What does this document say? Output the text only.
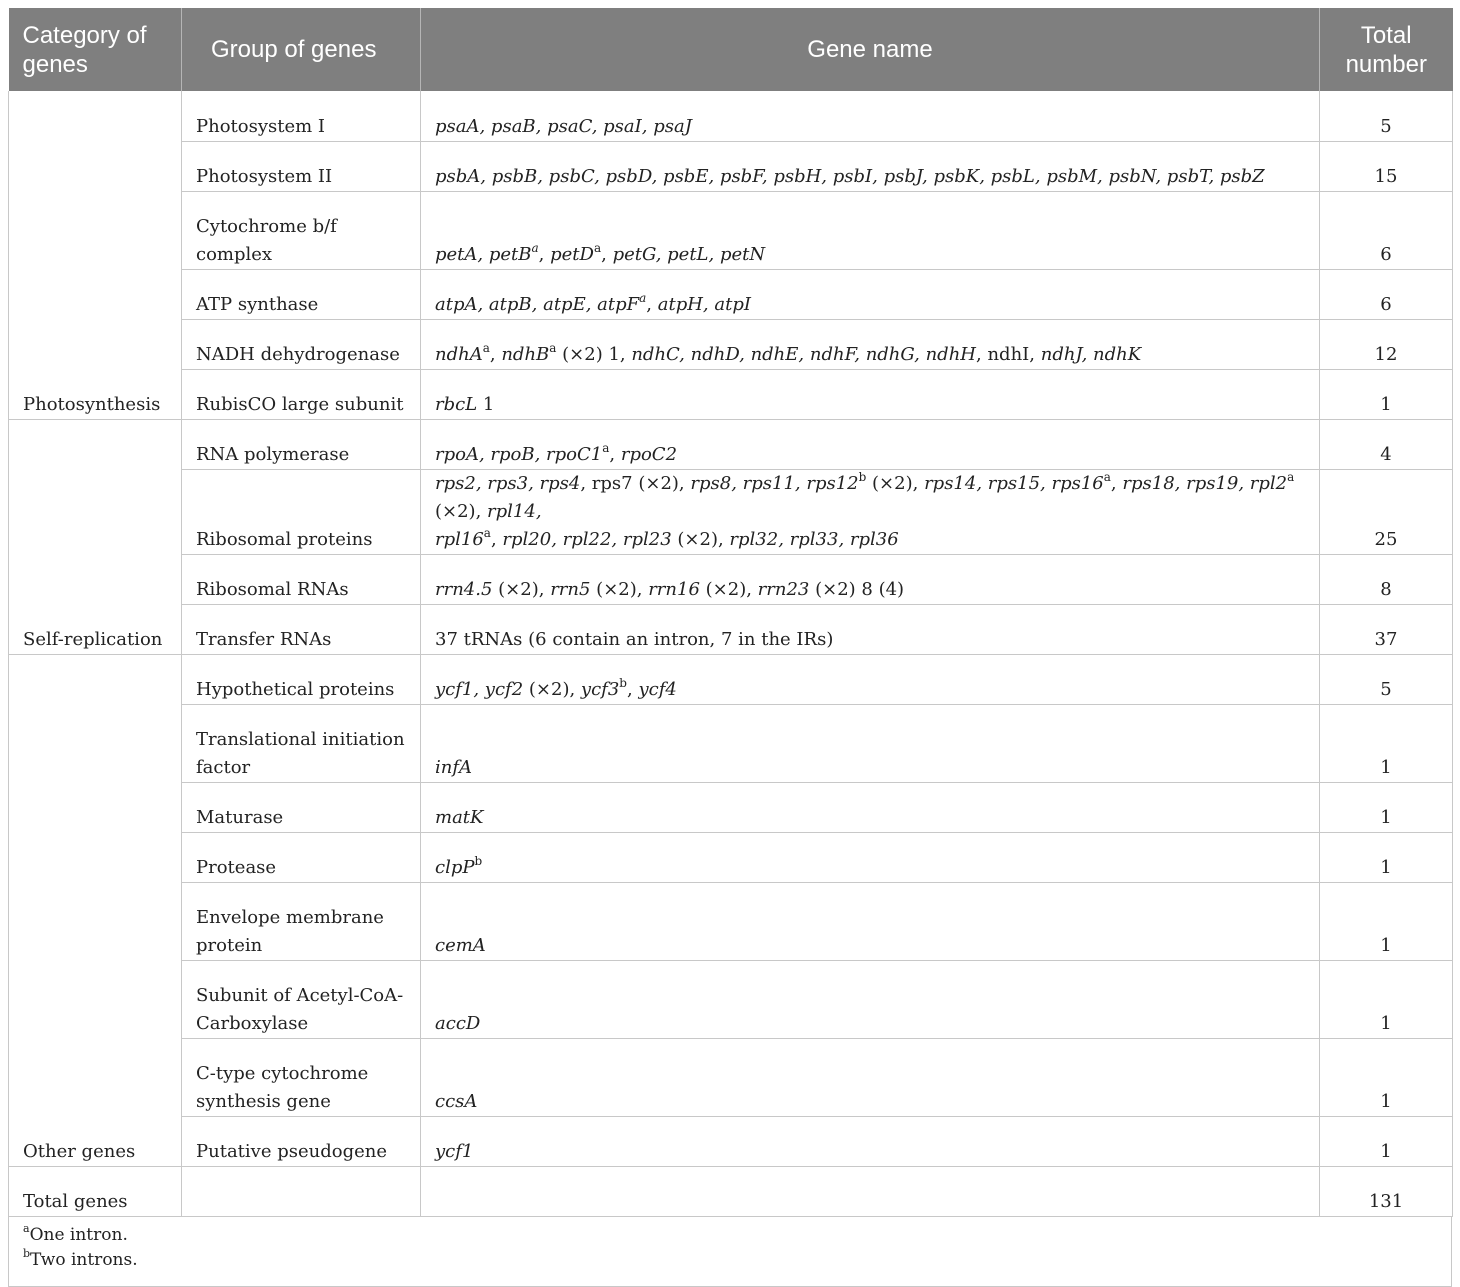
Category of genes	Group of genes	Gene name	Total number
Photosynthesis	Photosystem I	psaA, psaB, psaC, psaI, psaJ	5
	Photosystem II	psbA, psbB, psbC, psbD, psbE, psbF, psbH, psbI, psbJ, psbK, psbL, psbM, psbN, psbT, psbZ	15
	Cytochrome b/f complex	petA, petB$^a$, petD$^a$, petG, petL, petN	6
	ATP synthase	atpA, atpB, atpE, atpF$^a$, atpH, atpI	6
	NADH dehydrogenase	ndhA$^a$, ndhB$^a$ (×2) 1, ndhC, ndhD, ndhE, ndhF, ndhG, ndhH, ndhI, ndhJ, ndhK	12
	RubisCO large subunit	rbcL 1	1
Self-replication	RNA polymerase	rpoA, rpoB, rpoC1$^a$, rpoC2	4
	Ribosomal proteins	rps2, rps3, rps4, rps7 (×2), rps8, rps11, rps12$^b$ (×2), rps14, rps15, rps16$^a$, rps18, rps19, rpl2$^a$ (×2), rpl14,
rpl16$^a$, rpl20, rpl22, rpl23 (×2), rpl32, rpl33, rpl36	25
	Ribosomal RNAs	rrn4.5 (×2), rrn5 (×2), rrn16 (×2), rrn23 (×2) 8 (4)	8
	Transfer RNAs	37 tRNAs (6 contain an intron, 7 in the IRs)	37
Other genes	Hypothetical proteins	ycf1, ycf2 (×2), ycf3$^b$, ycf4	5
	Translational initiation factor	infA	1
	Maturase	matK	1
	Protease	clpP$^b$	1
	Envelope membrane protein	cemA	1
	Subunit of Acetyl-CoA-Carboxylase	accD	1
	C-type cytochrome synthesis gene	ccsA	1
	Putative pseudogene	ycf1	1
Total genes			131
$^a$One intron.
$^b$Two introns.
